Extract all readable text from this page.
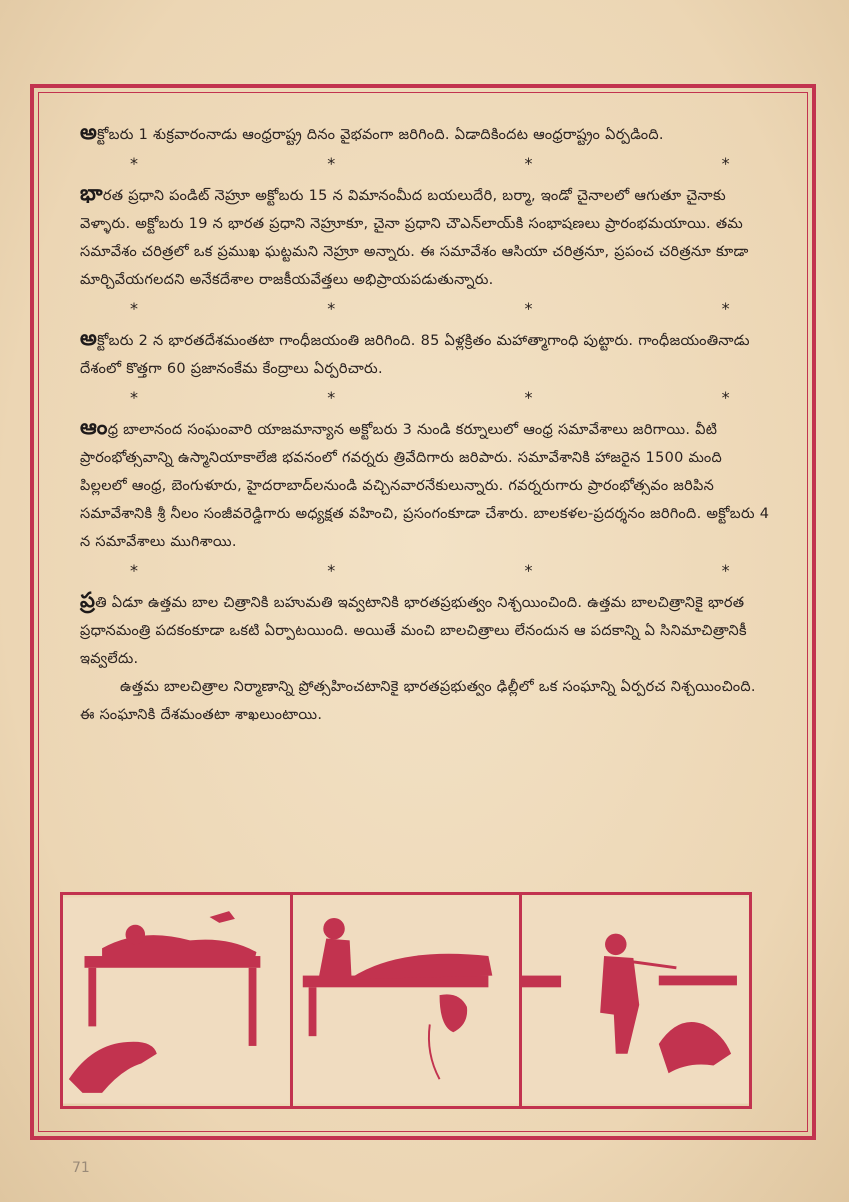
అక్టోబరు 1 శుక్రవారంనాడు ఆంధ్రరాష్ట్ర దినం వైభవంగా జరిగింది. ఏడాదికిందట ఆంధ్రరాష్ట్రం ఏర్పడింది.

*	*	*	*

భారత ప్రధాని పండిట్ నెహ్రూ అక్టోబరు 15 న విమానంమీద బయలుదేరి, బర్మా, ఇండో చైనాలలో ఆగుతూ చైనాకు వెళ్ళారు. అక్టోబరు 19 న భారత ప్రధాని నెహ్రూకూ, చైనా ప్రధాని చౌఎన్‌లాయ్‌కి సంభాషణలు ప్రారంభమయాయి. తమ సమావేశం చరిత్రలో ఒక ప్రముఖ ఘట్టమని నెహ్రూ అన్నారు. ఈ సమావేశం ఆసియా చరిత్రనూ, ప్రపంచ చరిత్రనూ కూడా మార్చివేయగలదని అనేకదేశాల రాజకీయవేత్తలు అభిప్రాయపడుతున్నారు.

*	*	*	*

అక్టోబరు 2 న భారతదేశమంతటా గాంధీజయంతి జరిగింది. 85 ఏళ్లక్రితం మహాత్మాగాంధి పుట్టారు. గాంధీజయంతినాడు దేశంలో కొత్తగా 60 ప్రజానంకేమ కేంద్రాలు ఏర్పరిచారు.

*	*	*	*

ఆంధ్ర బాలానంద సంఘంవారి యాజమాన్యాన అక్టోబరు 3 నుండి కర్నూలులో ఆంధ్ర సమావేశాలు జరిగాయి. వీటి ప్రారంభోత్సవాన్ని ఉస్మానియాకాలేజి భవనంలో గవర్నరు త్రివేదిగారు జరిపారు. సమావేశానికి హాజరైన 1500 మంది పిల్లలలో ఆంధ్ర, బెంగుళూరు, హైదరాబాద్‌లనుండి వచ్చినవారనేకులున్నారు. గవర్నరుగారు ప్రారంభోత్సవం జరిపిన సమావేశానికి శ్రీ నీలం సంజీవరెడ్డిగారు అధ్యక్షత వహించి, ప్రసంగంకూడా చేశారు. బాలకళల-ప్రదర్శనం జరిగింది. అక్టోబరు 4 న సమావేశాలు ముగిశాయి.

*	*	*	*

ప్రతి ఏడూ ఉత్తమ బాల చిత్రానికి బహుమతి ఇవ్వటానికి భారతప్రభుత్వం నిశ్చయించింది. ఉత్తమ బాలచిత్రానికై భారత ప్రధానమంత్రి పదకంకూడా ఒకటి ఏర్పాటయింది. అయితే మంచి బాలచిత్రాలు లేనందున ఆ పదకాన్ని ఏ సినిమాచిత్రానికీ ఇవ్వలేదు.

ఉత్తమ బాలచిత్రాల నిర్మాణాన్ని ప్రోత్సహించటానికై భారతప్రభుత్వం ఢిల్లీలో ఒక సంఘాన్ని ఏర్పరచ నిశ్చయించింది. ఈ సంఘానికి దేశమంతటా శాఖలుంటాయి.

71
